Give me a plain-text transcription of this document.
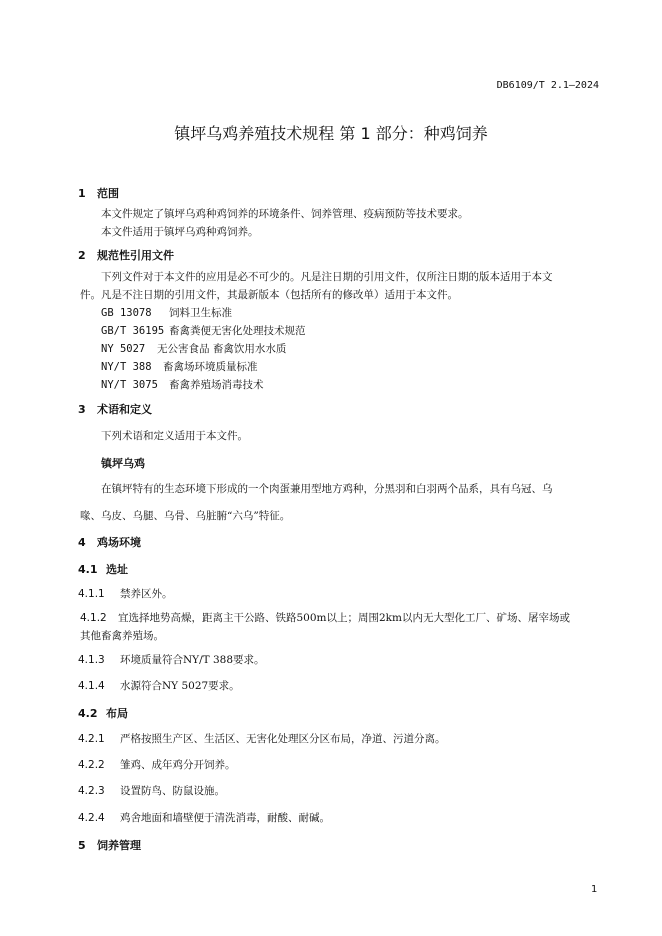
DB6109/T 2.1—2024
镇坪乌鸡养殖技术规程 第 1 部分：种鸡饲养
1 范围
本文件规定了镇坪乌鸡种鸡饲养的环境条件、饲养管理、疫病预防等技术要求。
本文件适用于镇坪乌鸡种鸡饲养。
2 规范性引用文件
下列文件对于本文件的应用是必不可少的。凡是注日期的引用文件，仅所注日期的版本适用于本文
件。凡是不注日期的引用文件，其最新版本（包括所有的修改单）适用于本文件。
GB 13078 饲料卫生标准
GB/T 36195 畜禽粪便无害化处理技术规范
NY 5027 无公害食品 畜禽饮用水水质
NY/T 388 畜禽场环境质量标准
NY/T 3075 畜禽养殖场消毒技术
3 术语和定义
下列术语和定义适用于本文件。
镇坪乌鸡
在镇坪特有的生态环境下形成的一个肉蛋兼用型地方鸡种，分黑羽和白羽两个品系，具有乌冠、乌
喙、乌皮、乌腿、乌骨、乌脏腑“六乌”特征。
4 鸡场环境
4.1 选址
4.1.1 禁养区外。
4.1.2 宜选择地势高燥，距离主干公路、铁路500m以上；周围2km以内无大型化工厂、矿场、屠宰场或
其他畜禽养殖场。
4.1.3 环境质量符合NY/T 388要求。
4.1.4 水源符合NY 5027要求。
4.2 布局
4.2.1 严格按照生产区、生活区、无害化处理区分区布局，净道、污道分离。
4.2.2 雏鸡、成年鸡分开饲养。
4.2.3 设置防鸟、防鼠设施。
4.2.4 鸡舍地面和墙壁便于清洗消毒，耐酸、耐碱。
5 饲养管理
1
